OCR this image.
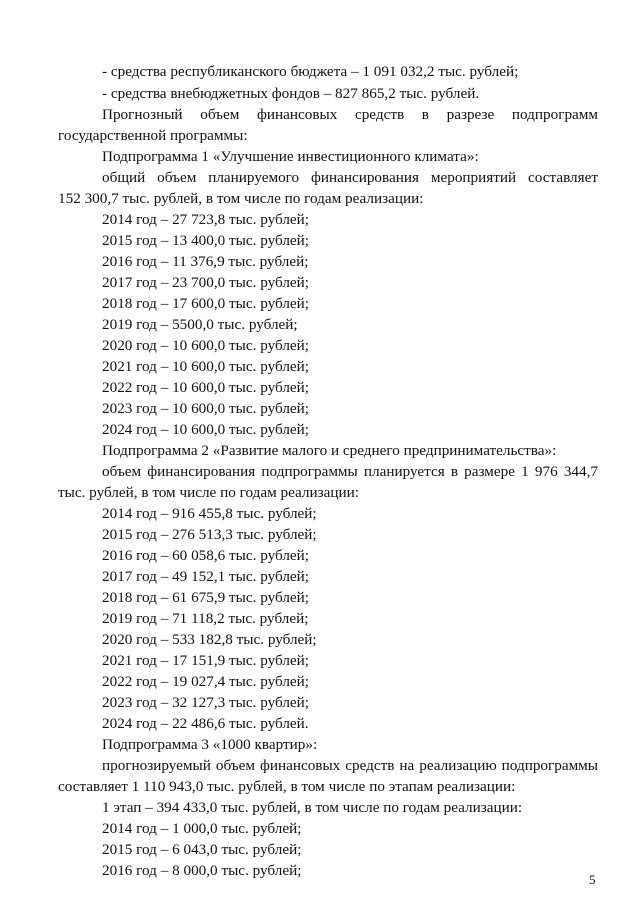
- средства республиканского бюджета – 1 091 032,2 тыс. рублей;
- средства внебюджетных фондов – 827 865,2 тыс. рублей.
Прогнозный объем финансовых средств в разрезе подпрограмм
государственной программы:
Подпрограмма 1 «Улучшение инвестиционного климата»:
общий объем планируемого финансирования мероприятий составляет
152 300,7 тыс. рублей, в том числе по годам реализации:
2014 год – 27 723,8 тыс. рублей;
2015 год – 13 400,0 тыс. рублей;
2016 год – 11 376,9 тыс. рублей;
2017 год – 23 700,0 тыс. рублей;
2018 год – 17 600,0 тыс. рублей;
2019 год – 5500,0 тыс. рублей;
2020 год – 10 600,0 тыс. рублей;
2021 год – 10 600,0 тыс. рублей;
2022 год – 10 600,0 тыс. рублей;
2023 год – 10 600,0 тыс. рублей;
2024 год – 10 600,0 тыс. рублей;
Подпрограмма 2 «Развитие малого и среднего предпринимательства»:
объем финансирования подпрограммы планируется в размере 1 976 344,7
тыс. рублей, в том числе по годам реализации:
2014 год – 916 455,8 тыс. рублей;
2015 год – 276 513,3 тыс. рублей;
2016 год – 60 058,6 тыс. рублей;
2017 год – 49 152,1 тыс. рублей;
2018 год – 61 675,9 тыс. рублей;
2019 год – 71 118,2 тыс. рублей;
2020 год – 533 182,8 тыс. рублей;
2021 год – 17 151,9 тыс. рублей;
2022 год – 19 027,4 тыс. рублей;
2023 год – 32 127,3 тыс. рублей;
2024 год – 22 486,6 тыс. рублей.
Подпрограмма 3 «1000 квартир»:
прогнозируемый объем финансовых средств на реализацию подпрограммы
составляет 1 110 943,0 тыс. рублей, в том числе по этапам реализации:
1 этап – 394 433,0 тыс. рублей, в том числе по годам реализации:
2014 год – 1 000,0 тыс. рублей;
2015 год – 6 043,0 тыс. рублей;
2016 год – 8 000,0 тыс. рублей;
5
